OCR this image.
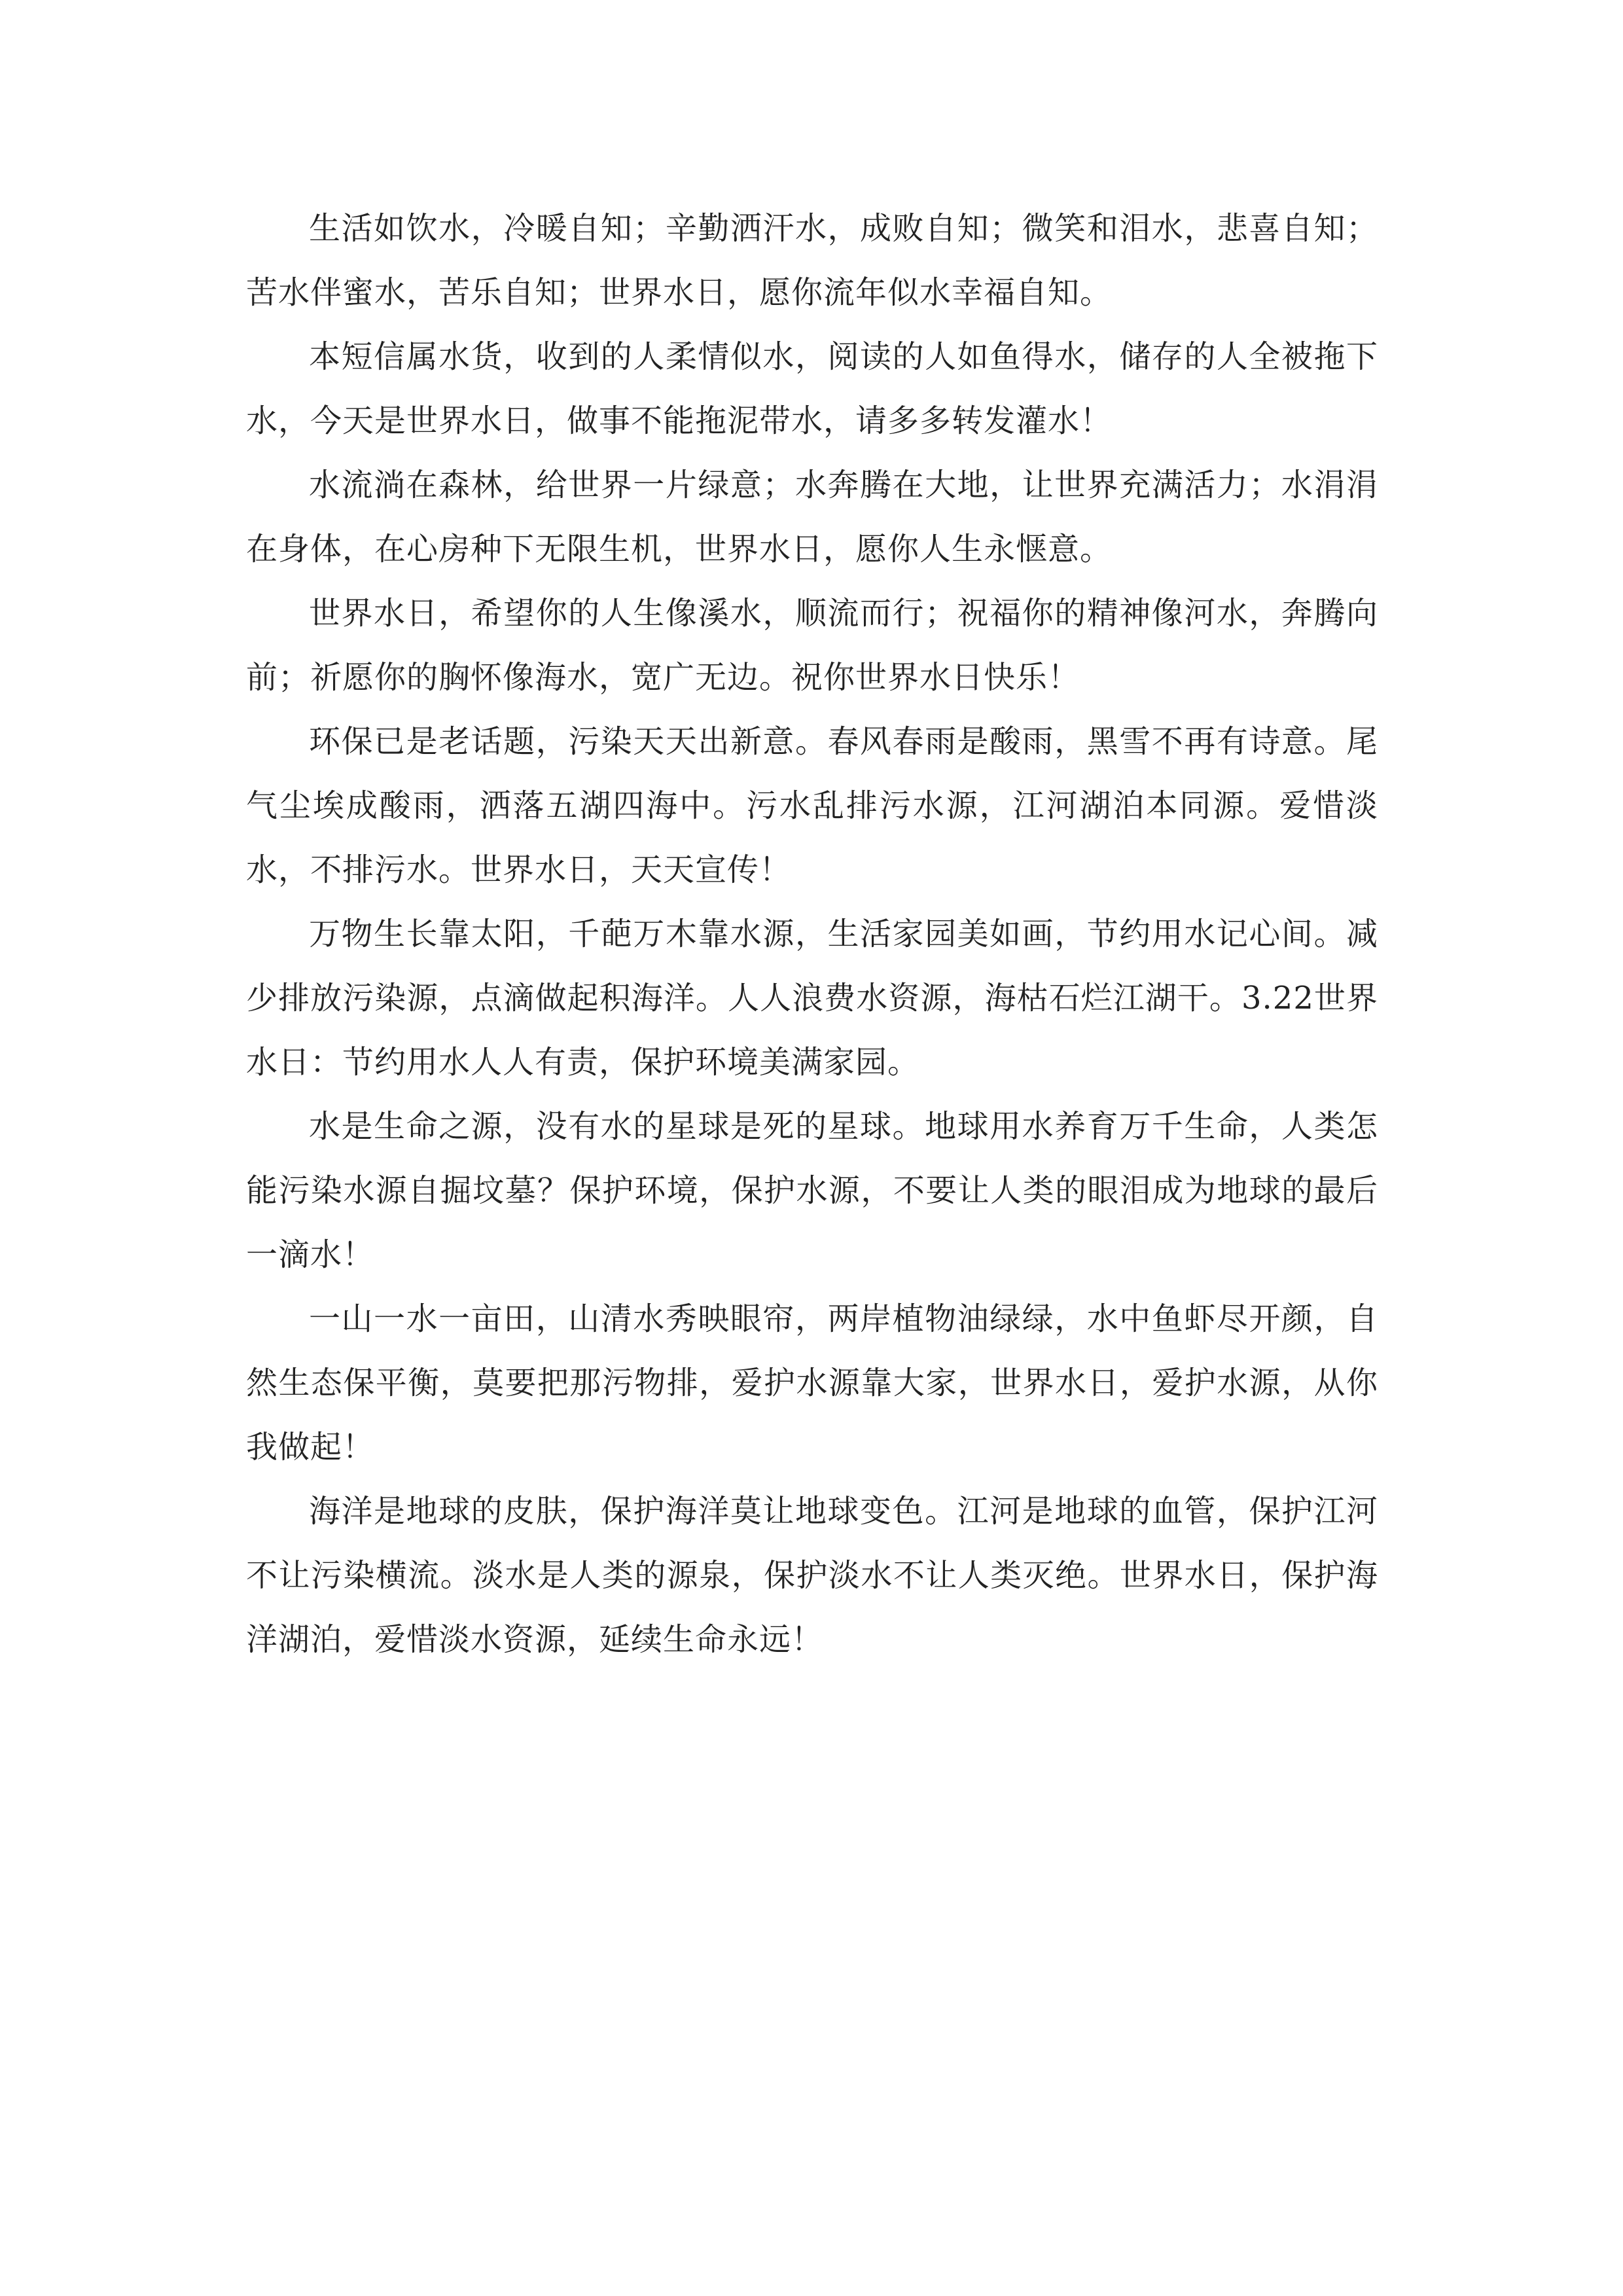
生活如饮水，冷暖自知；辛勤洒汗水，成败自知；微笑和泪水，悲喜自知；苦水伴蜜水，苦乐自知；世界水日，愿你流年似水幸福自知。

本短信属水货，收到的人柔情似水，阅读的人如鱼得水，储存的人全被拖下水，今天是世界水日，做事不能拖泥带水，请多多转发灌水！

水流淌在森林，给世界一片绿意；水奔腾在大地，让世界充满活力；水涓涓在身体，在心房种下无限生机，世界水日，愿你人生永惬意。

世界水日，希望你的人生像溪水，顺流而行；祝福你的精神像河水，奔腾向前；祈愿你的胸怀像海水，宽广无边。祝你世界水日快乐！

环保已是老话题，污染天天出新意。春风春雨是酸雨，黑雪不再有诗意。尾气尘埃成酸雨，洒落五湖四海中。污水乱排污水源，江河湖泊本同源。爱惜淡水，不排污水。世界水日，天天宣传！

万物生长靠太阳，千葩万木靠水源，生活家园美如画，节约用水记心间。减少排放污染源，点滴做起积海洋。人人浪费水资源，海枯石烂江湖干。3.22世界水日：节约用水人人有责，保护环境美满家园。

水是生命之源，没有水的星球是死的星球。地球用水养育万千生命，人类怎能污染水源自掘坟墓？保护环境，保护水源，不要让人类的眼泪成为地球的最后一滴水！

一山一水一亩田，山清水秀映眼帘，两岸植物油绿绿，水中鱼虾尽开颜，自然生态保平衡，莫要把那污物排，爱护水源靠大家，世界水日，爱护水源，从你我做起！

海洋是地球的皮肤，保护海洋莫让地球变色。江河是地球的血管，保护江河不让污染横流。淡水是人类的源泉，保护淡水不让人类灭绝。世界水日，保护海洋湖泊，爱惜淡水资源，延续生命永远！
